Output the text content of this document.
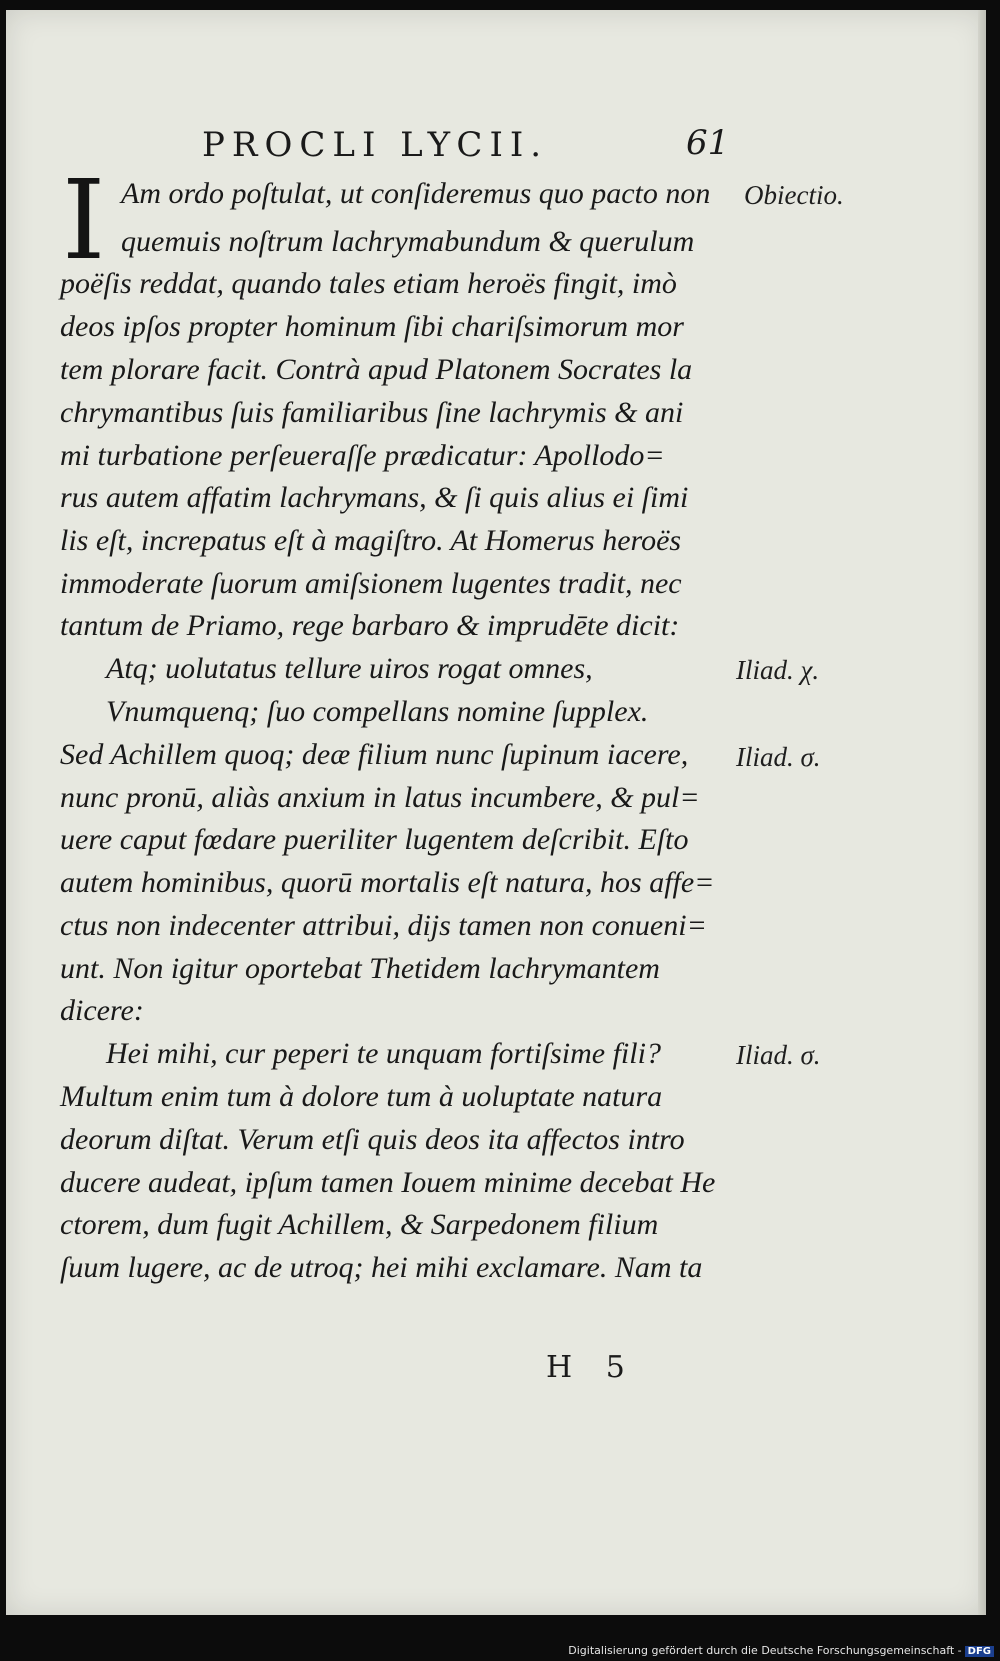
PROCLI LYCII.	61
I Am ordo poſtulat, ut conſideremus quo pacto non
quemuis noſtrum lachrymabundum & querulum
poëſis reddat, quando tales etiam heroës fingit, imò
deos ipſos propter hominum ſibi chariſsimorum mor
tem plorare facit. Contrà apud Platonem Socrates la
chrymantibus ſuis familiaribus ſine lachrymis & ani
mi turbatione perſeueraſſe prædicatur: Apollodo=
rus autem affatim lachrymans, & ſi quis alius ei ſimi
lis eſt, increpatus eſt à magiſtro. At Homerus heroës
immoderate ſuorum amiſsionem lugentes tradit, nec
tantum de Priamo, rege barbaro & imprudēte dicit:
Atq; uolutatus tellure uiros rogat omnes,
Vnumquenq; ſuo compellans nomine ſupplex.
Sed Achillem quoq; deæ filium nunc ſupinum iacere,
nunc pronū, aliàs anxium in latus incumbere, & pul=
uere caput fœdare pueriliter lugentem deſcribit. Eſto
autem hominibus, quorū mortalis eſt natura, hos affe=
ctus non indecenter attribui, dijs tamen non conueni=
unt. Non igitur oportebat Thetidem lachrymantem
dicere:
Hei mihi, cur peperi te unquam fortiſsime fili?
Multum enim tum à dolore tum à uoluptate natura
deorum diſtat. Verum etſi quis deos ita affectos intro
ducere audeat, ipſum tamen Iouem minime decebat He
ctorem, dum fugit Achillem, & Sarpedonem filium
ſuum lugere, ac de utroq; hei mihi exclamare. Nam ta
Obiectio.
Iliad. χ.
Iliad. σ.
Iliad. σ.
H 5
Digitalisierung gefördert durch die Deutsche Forschungsgemeinschaft - DFG
